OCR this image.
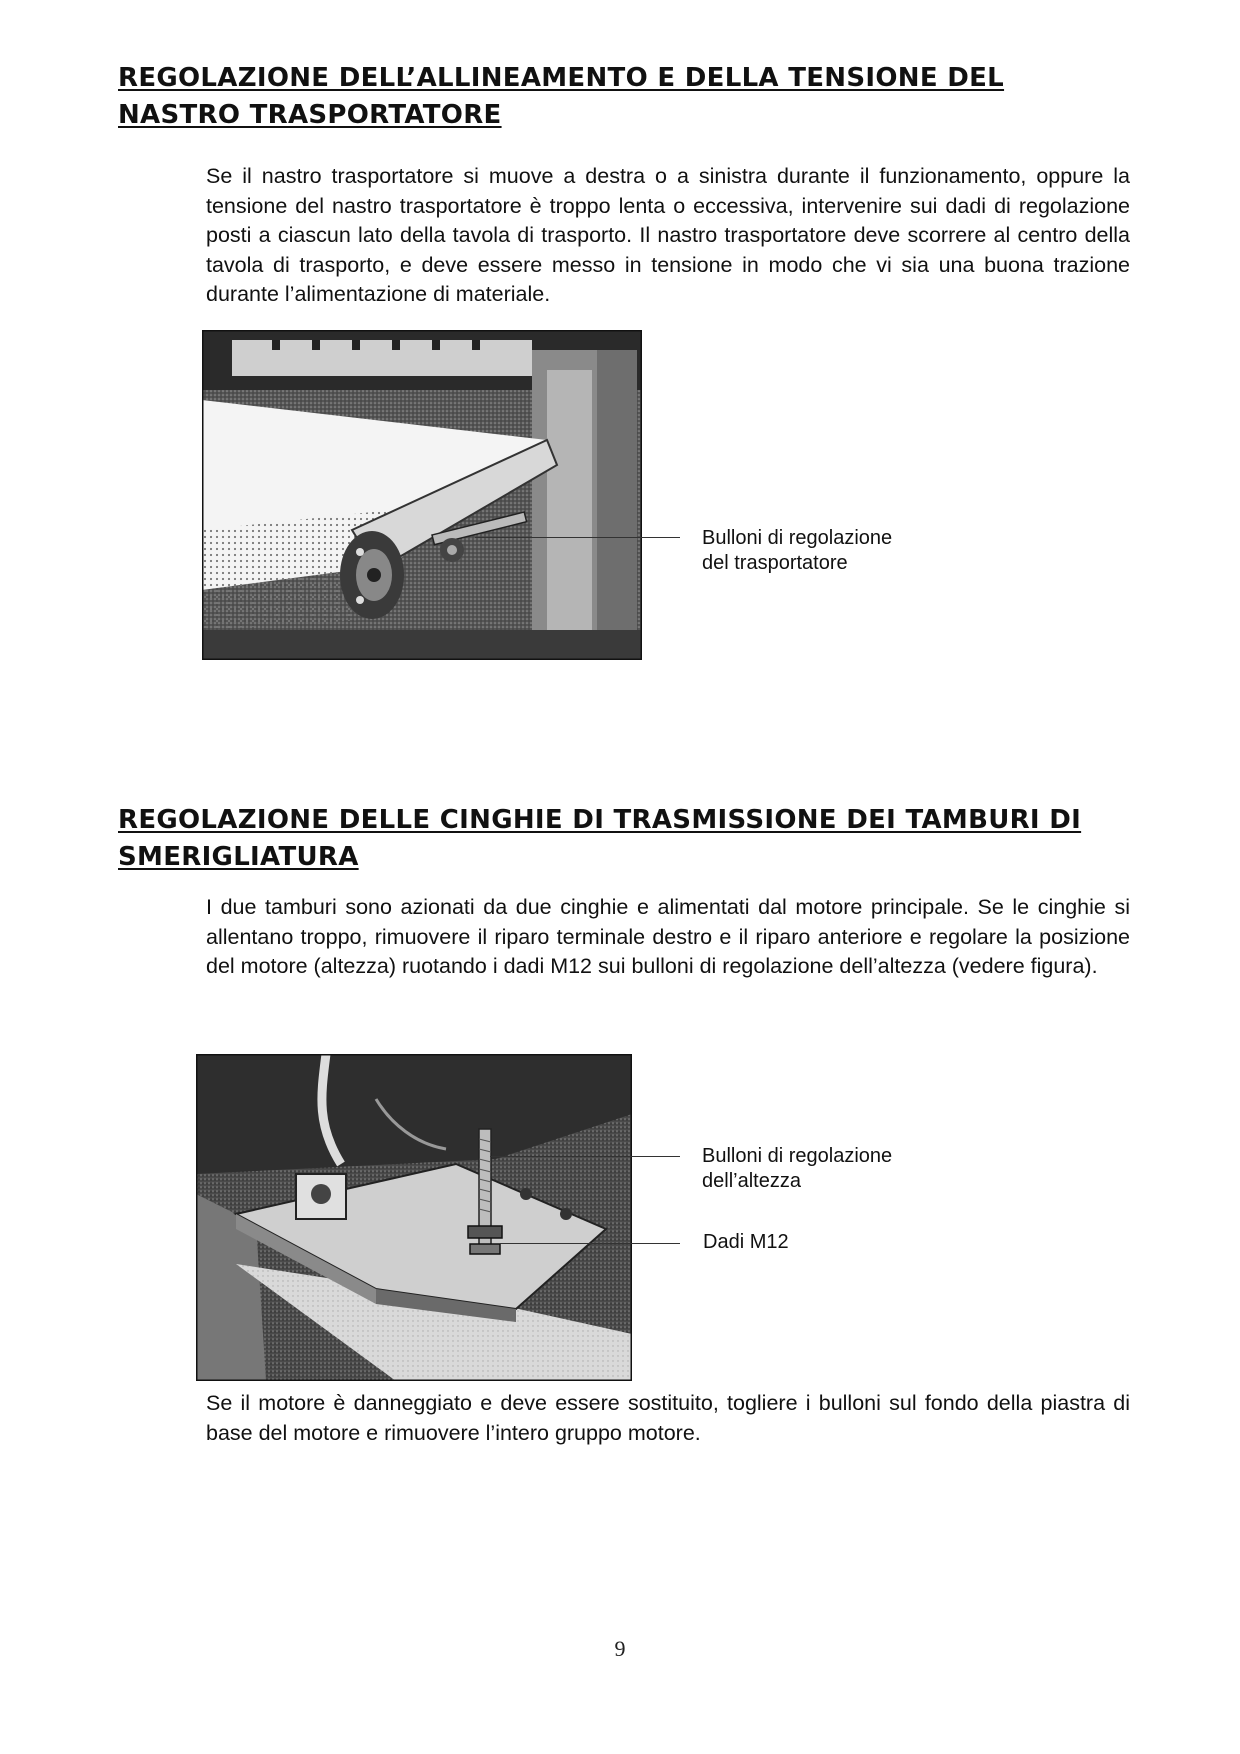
REGOLAZIONE DELL’ALLINEAMENTO E DELLA TENSIONE DEL
NASTRO TRASPORTATORE

Se il nastro trasportatore si muove a destra o a sinistra durante il funzionamento, oppure la tensione del nastro trasportatore è troppo lenta o eccessiva, intervenire sui dadi di regolazione posti a ciascun lato della tavola di trasporto. Il nastro trasportatore deve scorrere al centro della tavola di trasporto, e deve essere messo in tensione in modo che vi sia una buona trazione durante l’alimentazione di materiale.

Bulloni di regolazione
del trasportatore
REGOLAZIONE DELLE CINGHIE DI TRASMISSIONE DEI TAMBURI DI
SMERIGLIATURA

I due tamburi sono azionati da due cinghie e alimentati dal motore principale. Se le cinghie si allentano troppo, rimuovere il riparo terminale destro e il riparo anteriore e regolare la posizione del motore (altezza) ruotando i dadi M12 sui bulloni di regolazione dell’altezza (vedere figura).

Bulloni di regolazione
dell’altezza
Dadi M12

Se il motore è danneggiato e deve essere sostituito, togliere i bulloni sul fondo della piastra di base del motore e rimuovere l’intero gruppo motore.

9
